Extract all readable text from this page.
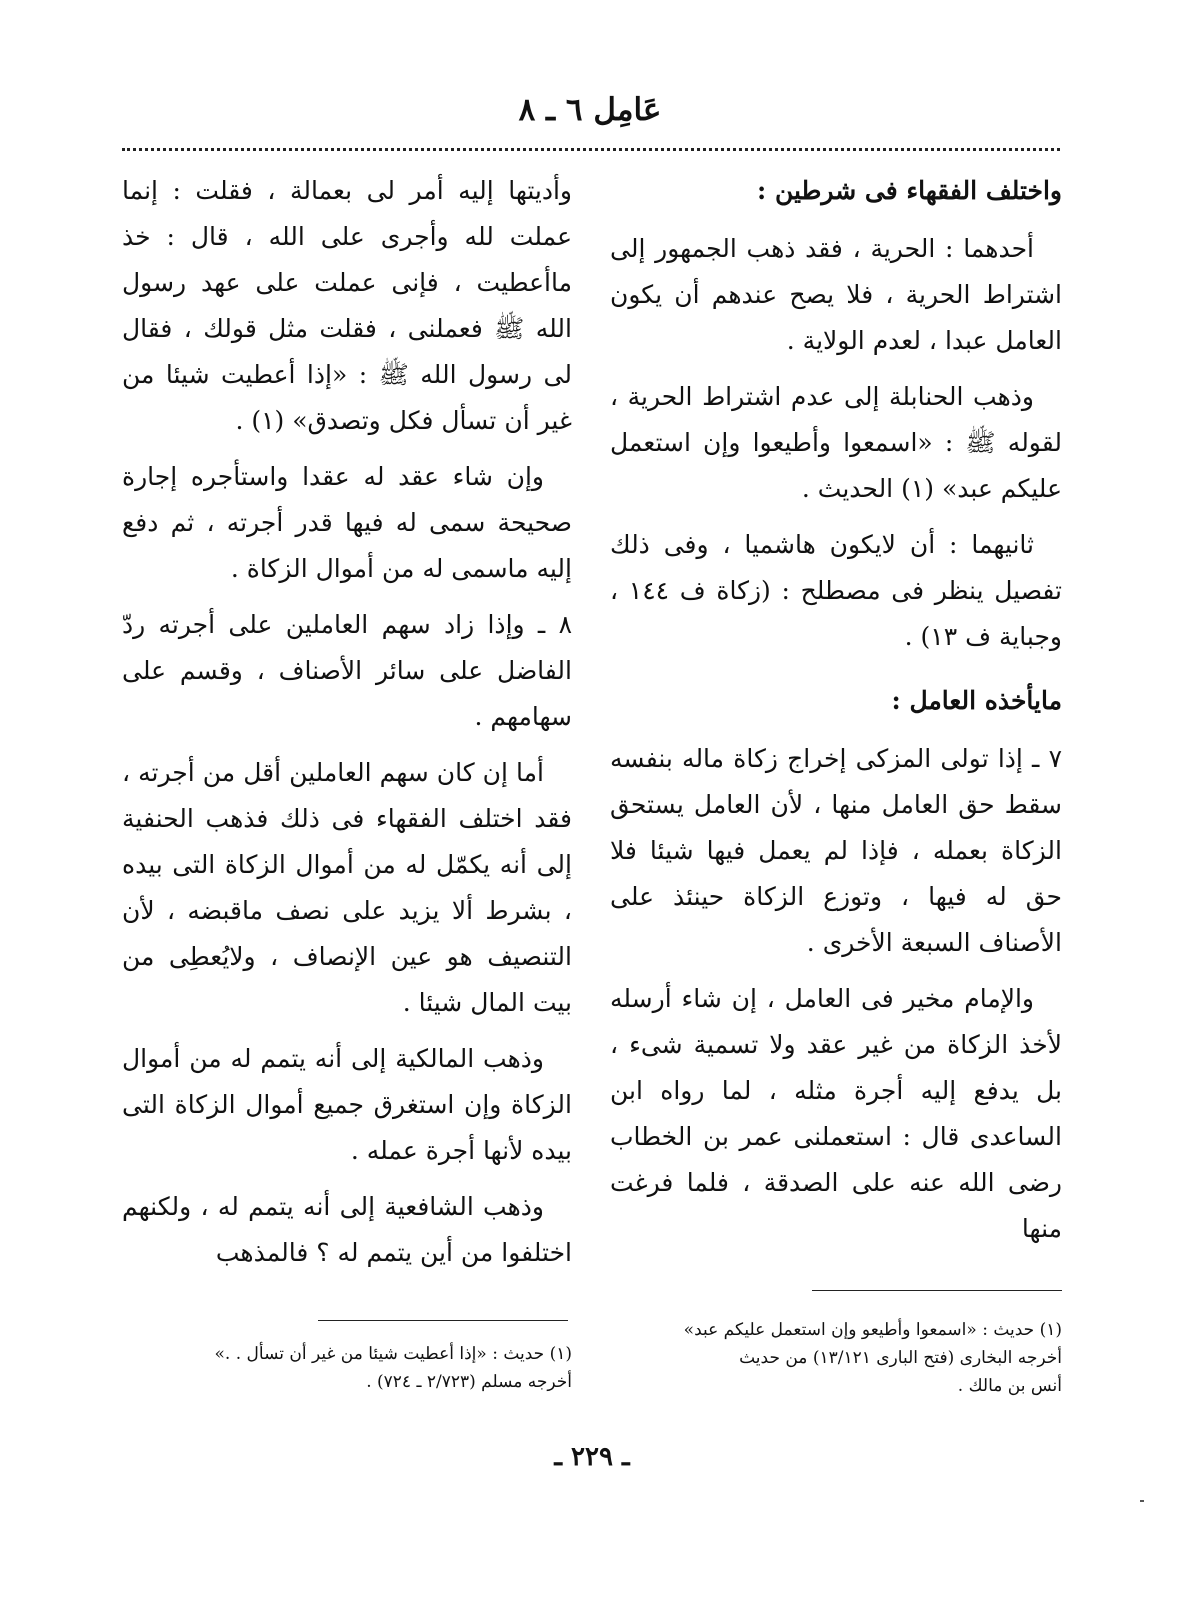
عَامِل ٦ ـ ٨
واختلف الفقهاء فى شرطين :

أحدهما : الحرية ، فقد ذهب الجمهور إلى اشتراط الحرية ، فلا يصح عندهم أن يكون العامل عبدا ، لعدم الولاية .

وذهب الحنابلة إلى عدم اشتراط الحرية ، لقوله ﷺ : «اسمعوا وأطيعوا وإن استعمل عليكم عبد» (١) الحديث .

ثانيهما : أن لايكون هاشميا ، وفى ذلك تفصيل ينظر فى مصطلح : (زكاة ف ١٤٤ ، وجباية ف ١٣) .

مايأخذه العامل :

٧ ـ إذا تولى المزكى إخراج زكاة ماله بنفسه سقط حق العامل منها ، لأن العامل يستحق الزكاة بعمله ، فإذا لم يعمل فيها شيئا فلا حق له فيها ، وتوزع الزكاة حينئذ على الأصناف السبعة الأخرى .

والإمام مخير فى العامل ، إن شاء أرسله لأخذ الزكاة من غير عقد ولا تسمية شىء ، بل يدفع إليه أجرة مثله ، لما رواه ابن الساعدى قال : استعملنى عمر بن الخطاب رضى الله عنه على الصدقة ، فلما فرغت منها

وأديتها إليه أمر لى بعمالة ، فقلت : إنما عملت لله وأجرى على الله ، قال : خذ ماأعطيت ، فإنى عملت على عهد رسول الله ﷺ فعملنى ، فقلت مثل قولك ، فقال لى رسول الله ﷺ : «إذا أعطيت شيئا من غير أن تسأل فكل وتصدق» (١) .

وإن شاء عقد له عقدا واستأجره إجارة صحيحة سمى له فيها قدر أجرته ، ثم دفع إليه ماسمى له من أموال الزكاة .

٨ ـ وإذا زاد سهم العاملين على أجرته ردّ الفاضل على سائر الأصناف ، وقسم على سهامهم .

أما إن كان سهم العاملين أقل من أجرته ، فقد اختلف الفقهاء فى ذلك فذهب الحنفية إلى أنه يكمّل له من أموال الزكاة التى بيده ، بشرط ألا يزيد على نصف ماقبضه ، لأن التنصيف هو عين الإنصاف ، ولايُعطِى من بيت المال شيئا .

وذهب المالكية إلى أنه يتمم له من أموال الزكاة وإن استغرق جميع أموال الزكاة التى بيده لأنها أجرة عمله .

وذهب الشافعية إلى أنه يتمم له ، ولكنهم اختلفوا من أين يتمم له ؟ فالمذهب

(١) حديث : «اسمعوا وأطيعو وإن استعمل عليكم عبد»
أخرجه البخارى (فتح البارى ١٣/١٢١) من حديث
أنس بن مالك .
(١) حديث : «إذا أعطيت شيئا من غير أن تسأل . .»
أخرجه مسلم (٢/٧٢٣ ـ ٧٢٤) .
ـ ٢٢٩ ـ
